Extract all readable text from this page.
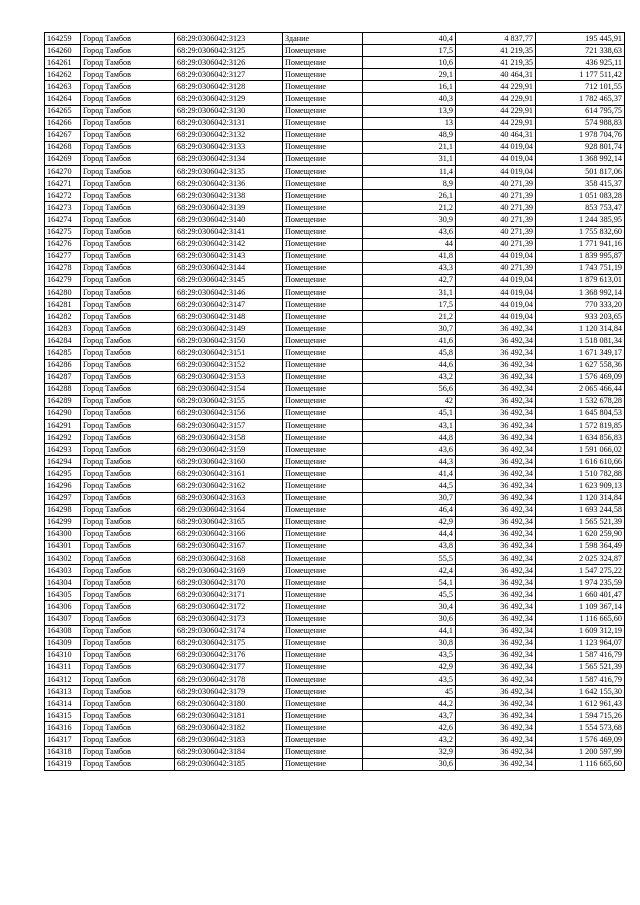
164259	Город Тамбов	68:29:0306042:3123	Здание	40,4	4 837,77	195 445,91
164260	Город Тамбов	68:29:0306042:3125	Помещение	17,5	41 219,35	721 338,63
164261	Город Тамбов	68:29:0306042:3126	Помещение	10,6	41 219,35	436 925,11
164262	Город Тамбов	68:29:0306042:3127	Помещение	29,1	40 464,31	1 177 511,42
164263	Город Тамбов	68:29:0306042:3128	Помещение	16,1	44 229,91	712 101,55
164264	Город Тамбов	68:29:0306042:3129	Помещение	40,3	44 229,91	1 782 465,37
164265	Город Тамбов	68:29:0306042:3130	Помещение	13,9	44 229,91	614 795,75
164266	Город Тамбов	68:29:0306042:3131	Помещение	13	44 229,91	574 988,83
164267	Город Тамбов	68:29:0306042:3132	Помещение	48,9	40 464,31	1 978 704,76
164268	Город Тамбов	68:29:0306042:3133	Помещение	21,1	44 019,04	928 801,74
164269	Город Тамбов	68:29:0306042:3134	Помещение	31,1	44 019,04	1 368 992,14
164270	Город Тамбов	68:29:0306042:3135	Помещение	11,4	44 019,04	501 817,06
164271	Город Тамбов	68:29:0306042:3136	Помещение	8,9	40 271,39	358 415,37
164272	Город Тамбов	68:29:0306042:3138	Помещение	26,1	40 271,39	1 051 083,28
164273	Город Тамбов	68:29:0306042:3139	Помещение	21,2	40 271,39	853 753,47
164274	Город Тамбов	68:29:0306042:3140	Помещение	30,9	40 271,39	1 244 385,95
164275	Город Тамбов	68:29:0306042:3141	Помещение	43,6	40 271,39	1 755 832,60
164276	Город Тамбов	68:29:0306042:3142	Помещение	44	40 271,39	1 771 941,16
164277	Город Тамбов	68:29:0306042:3143	Помещение	41,8	44 019,04	1 839 995,87
164278	Город Тамбов	68:29:0306042:3144	Помещение	43,3	40 271,39	1 743 751,19
164279	Город Тамбов	68:29:0306042:3145	Помещение	42,7	44 019,04	1 879 613,01
164280	Город Тамбов	68:29:0306042:3146	Помещение	31,1	44 019,04	1 368 992,14
164281	Город Тамбов	68:29:0306042:3147	Помещение	17,5	44 019,04	770 333,20
164282	Город Тамбов	68:29:0306042:3148	Помещение	21,2	44 019,04	933 203,65
164283	Город Тамбов	68:29:0306042:3149	Помещение	30,7	36 492,34	1 120 314,84
164284	Город Тамбов	68:29:0306042:3150	Помещение	41,6	36 492,34	1 518 081,34
164285	Город Тамбов	68:29:0306042:3151	Помещение	45,8	36 492,34	1 671 349,17
164286	Город Тамбов	68:29:0306042:3152	Помещение	44,6	36 492,34	1 627 558,36
164287	Город Тамбов	68:29:0306042:3153	Помещение	43,2	36 492,34	1 576 469,09
164288	Город Тамбов	68:29:0306042:3154	Помещение	56,6	36 492,34	2 065 466,44
164289	Город Тамбов	68:29:0306042:3155	Помещение	42	36 492,34	1 532 678,28
164290	Город Тамбов	68:29:0306042:3156	Помещение	45,1	36 492,34	1 645 804,53
164291	Город Тамбов	68:29:0306042:3157	Помещение	43,1	36 492,34	1 572 819,85
164292	Город Тамбов	68:29:0306042:3158	Помещение	44,8	36 492,34	1 634 856,83
164293	Город Тамбов	68:29:0306042:3159	Помещение	43,6	36 492,34	1 591 066,02
164294	Город Тамбов	68:29:0306042:3160	Помещение	44,3	36 492,34	1 616 610,66
164295	Город Тамбов	68:29:0306042:3161	Помещение	41,4	36 492,34	1 510 782,88
164296	Город Тамбов	68:29:0306042:3162	Помещение	44,5	36 492,34	1 623 909,13
164297	Город Тамбов	68:29:0306042:3163	Помещение	30,7	36 492,34	1 120 314,84
164298	Город Тамбов	68:29:0306042:3164	Помещение	46,4	36 492,34	1 693 244,58
164299	Город Тамбов	68:29:0306042:3165	Помещение	42,9	36 492,34	1 565 521,39
164300	Город Тамбов	68:29:0306042:3166	Помещение	44,4	36 492,34	1 620 259,90
164301	Город Тамбов	68:29:0306042:3167	Помещение	43,8	36 492,34	1 598 364,49
164302	Город Тамбов	68:29:0306042:3168	Помещение	55,5	36 492,34	2 025 324,87
164303	Город Тамбов	68:29:0306042:3169	Помещение	42,4	36 492,34	1 547 275,22
164304	Город Тамбов	68:29:0306042:3170	Помещение	54,1	36 492,34	1 974 235,59
164305	Город Тамбов	68:29:0306042:3171	Помещение	45,5	36 492,34	1 660 401,47
164306	Город Тамбов	68:29:0306042:3172	Помещение	30,4	36 492,34	1 109 367,14
164307	Город Тамбов	68:29:0306042:3173	Помещение	30,6	36 492,34	1 116 665,60
164308	Город Тамбов	68:29:0306042:3174	Помещение	44,1	36 492,34	1 609 312,19
164309	Город Тамбов	68:29:0306042:3175	Помещение	30,8	36 492,34	1 123 964,07
164310	Город Тамбов	68:29:0306042:3176	Помещение	43,5	36 492,34	1 587 416,79
164311	Город Тамбов	68:29:0306042:3177	Помещение	42,9	36 492,34	1 565 521,39
164312	Город Тамбов	68:29:0306042:3178	Помещение	43,5	36 492,34	1 587 416,79
164313	Город Тамбов	68:29:0306042:3179	Помещение	45	36 492,34	1 642 155,30
164314	Город Тамбов	68:29:0306042:3180	Помещение	44,2	36 492,34	1 612 961,43
164315	Город Тамбов	68:29:0306042:3181	Помещение	43,7	36 492,34	1 594 715,26
164316	Город Тамбов	68:29:0306042:3182	Помещение	42,6	36 492,34	1 554 573,68
164317	Город Тамбов	68:29:0306042:3183	Помещение	43,2	36 492,34	1 576 469,09
164318	Город Тамбов	68:29:0306042:3184	Помещение	32,9	36 492,34	1 200 597,99
164319	Город Тамбов	68:29:0306042:3185	Помещение	30,6	36 492,34	1 116 665,60
